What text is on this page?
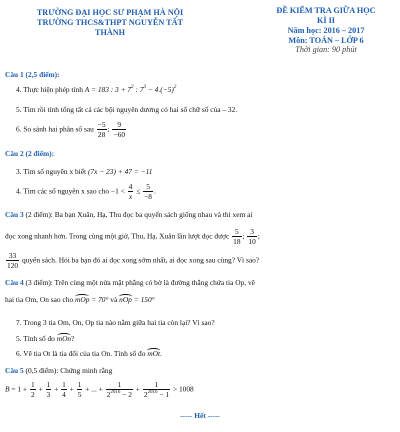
TRƯỜNG ĐẠI HỌC SƯ PHẠM HÀ NỘI
TRƯỜNG THCS&THPT NGUYỄN TẤT
THÀNH
ĐỀ KIỂM TRA GIỮA HỌC
KÌ II
Năm học: 2016 – 2017
Môn: TOÁN – LỚP 6
Thời gian: 90 phút
Câu 1 (2,5 điểm):
4. Thực hiện phép tính A = 183 : $3 + 7^2$ : $7^3 - 4.(-5)^2$
5. Tìm rồi tính tổng tất cả các bội nguyên dương có hai số chữ số của – 32.
6. So sánh hai phân số sau $\frac{-5}{28}$ ; $\frac{9}{-60}$
Câu 2 (2 điểm):
3. Tìm số nguyên x biết (7x − 23) + 47 = −11
4. Tìm các số nguyên x sao cho $-1 < \frac{4}{x} \le \frac{5}{-8}$ .
Câu 3 (2 điểm): Ba bạn Xuân, Hạ, Thu đọc ba quyển sách giống nhau và thi xem ai
đọc xong nhanh hơn. Trong cùng một giờ, Thu, Hạ, Xuân lần lượt đọc được $\frac{5}{18}$ ; $\frac{3}{10}$ ;
$\frac{33}{120}$ quyển sách. Hỏi ba bạn đó ai đọc xong sớm nhất, ai đọc xong sau cùng? Vì sao?
Câu 4 (3 điểm): Trên cùng một nửa mặt phẳng có bờ là đường thẳng chứa tia Op, vẽ
hai tia Om, On sao cho mOp = 70° và nOp = 150°
7. Trong 3 tia Om, On, Op tia nào nằm giữa hai tia còn lại? Vì sao?
5. Tính số đo mOn?
6. Vẽ tia Ot là tia đối của tia On. Tính số đo mOt.
Câu 5 (0,5 điểm): Chứng minh rằng
$B = 1 + \frac{1}{2} + \frac{1}{3} + \frac{1}{4} + \frac{1}{5}$ + ... + $\frac{1}{2^{2016} - 2} + \frac{1}{2^{2016} - 1} > 1008$
----- Hết -----
